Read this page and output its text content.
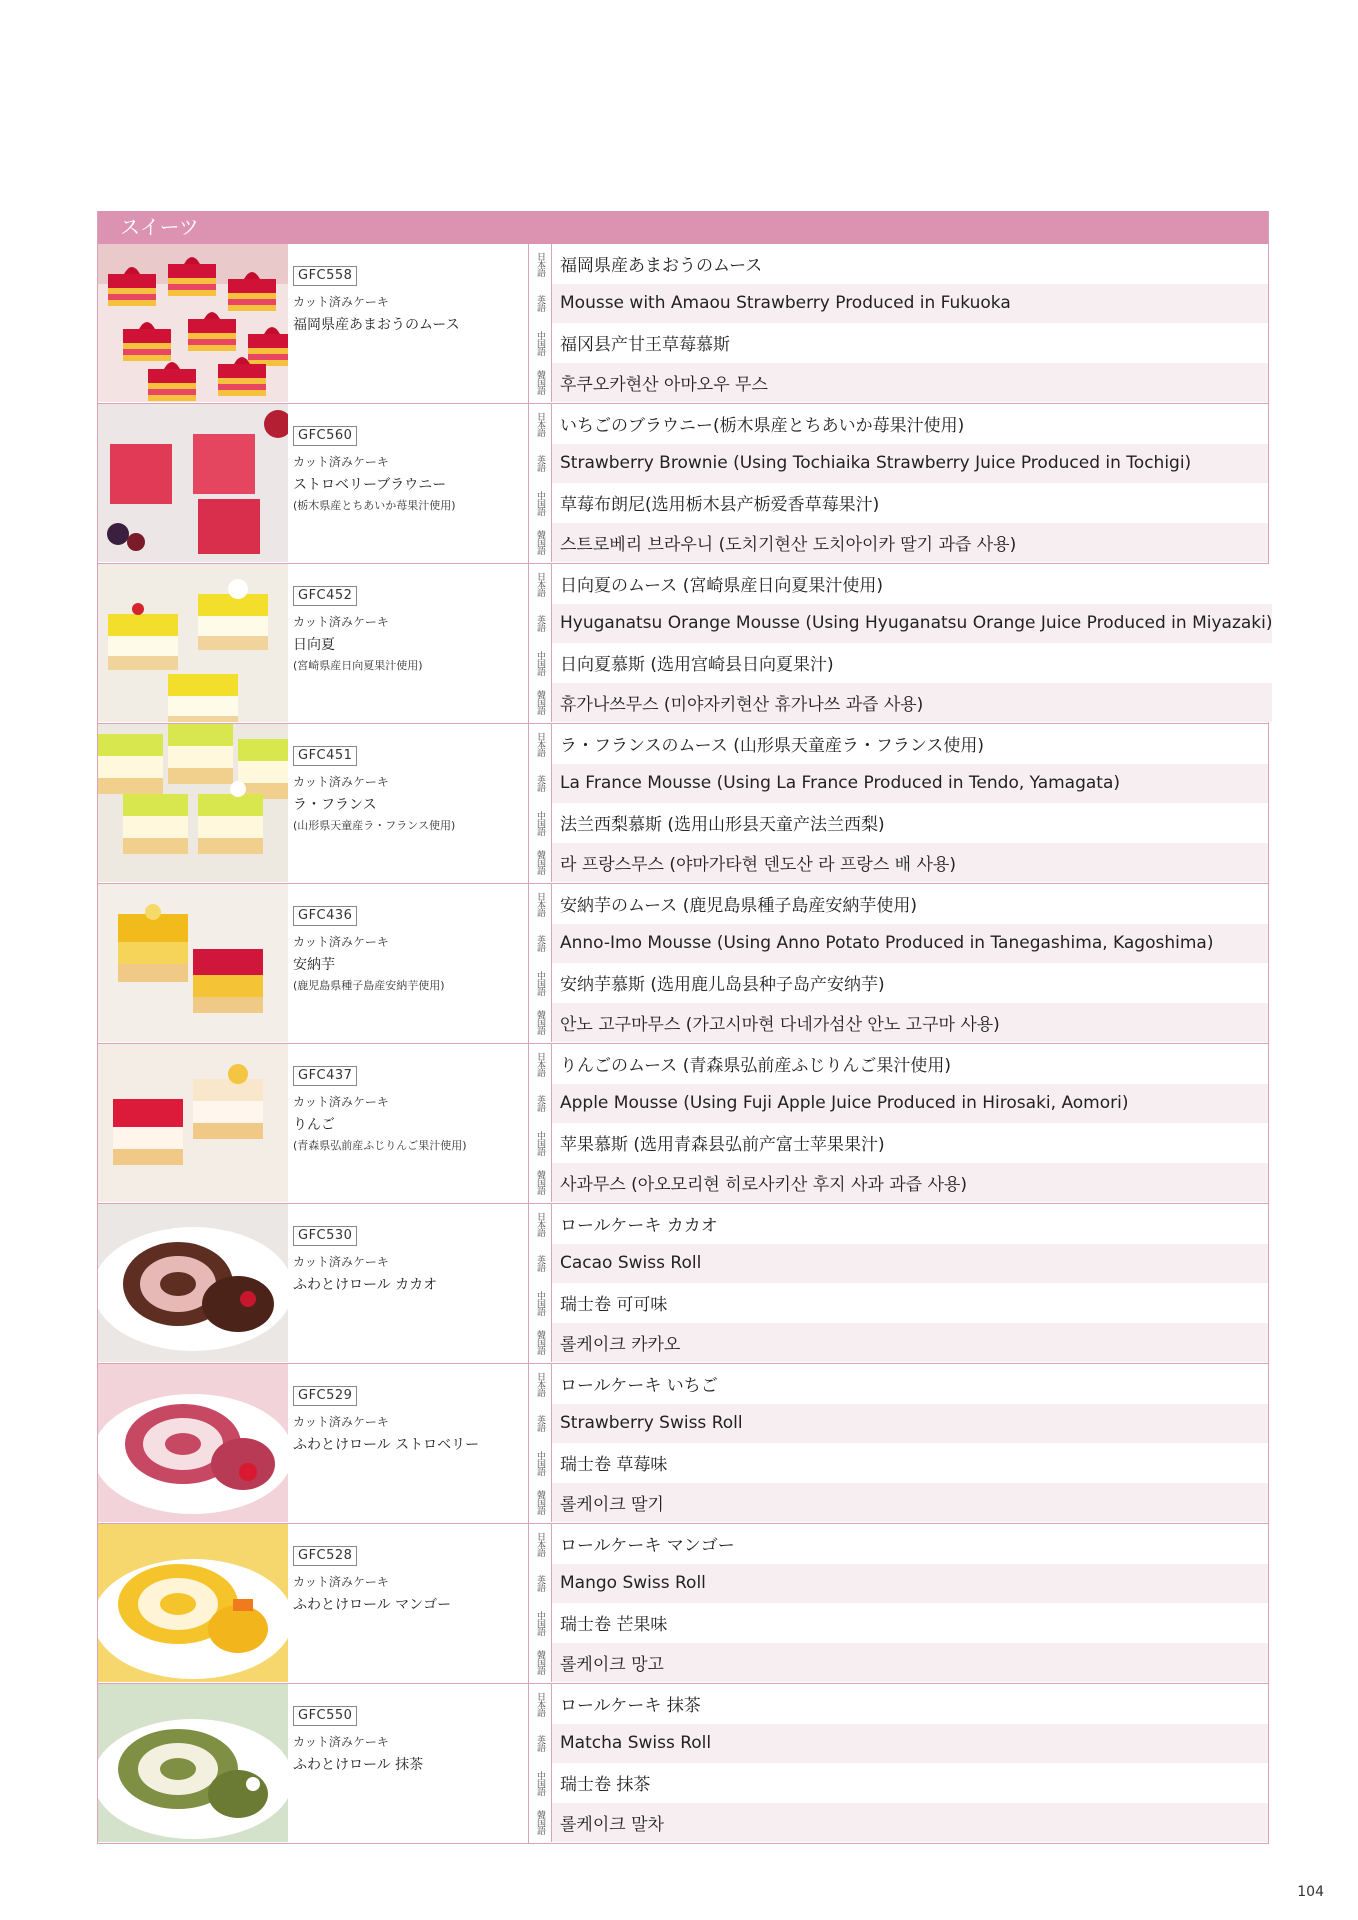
スイーツ
GFC558
カット済みケーキ
福岡県産あまおうのムース
日本語 福岡県産あまおうのムース
英語 Mousse with Amaou Strawberry Produced in Fukuoka
中国語 福冈县产甘王草莓慕斯
韓国語 후쿠오카현산 아마오우 무스
GFC560
カット済みケーキ
ストロベリーブラウニー
(栃木県産とちあいか苺果汁使用)
日本語 いちごのブラウニー(栃木県産とちあいか苺果汁使用)
英語 Strawberry Brownie (Using Tochiaika Strawberry Juice Produced in Tochigi)
中国語 草莓布朗尼(选用栃木县产栃爱香草莓果汁)
韓国語 스트로베리 브라우니 (도치기현산 도치아이카 딸기 과즙 사용)
GFC452
カット済みケーキ
日向夏
(宮崎県産日向夏果汁使用)
日本語 日向夏のムース (宮崎県産日向夏果汁使用)
英語 Hyuganatsu Orange Mousse (Using Hyuganatsu Orange Juice Produced in Miyazaki)
中国語 日向夏慕斯 (选用宫崎县日向夏果汁)
韓国語 휴가나쓰무스 (미야자키현산 휴가나쓰 과즙 사용)
GFC451
カット済みケーキ
ラ・フランス
(山形県天童産ラ・フランス使用)
日本語 ラ・フランスのムース (山形県天童産ラ・フランス使用)
英語 La France Mousse (Using La France Produced in Tendo, Yamagata)
中国語 法兰西梨慕斯 (选用山形县天童产法兰西梨)
韓国語 라 프랑스무스 (야마가타현 덴도산 라 프랑스 배 사용)
GFC436
カット済みケーキ
安納芋
(鹿児島県種子島産安納芋使用)
日本語 安納芋のムース (鹿児島県種子島産安納芋使用)
英語 Anno-Imo Mousse (Using Anno Potato Produced in Tanegashima, Kagoshima)
中国語 安纳芋慕斯 (选用鹿儿岛县种子岛产安纳芋)
韓国語 안노 고구마무스 (가고시마현 다네가섬산 안노 고구마 사용)
GFC437
カット済みケーキ
りんご
(青森県弘前産ふじりんご果汁使用)
日本語 りんごのムース (青森県弘前産ふじりんご果汁使用)
英語 Apple Mousse (Using Fuji Apple Juice Produced in Hirosaki, Aomori)
中国語 苹果慕斯 (选用青森县弘前产富士苹果果汁)
韓国語 사과무스 (아오모리현 히로사키산 후지 사과 과즙 사용)
GFC530
カット済みケーキ
ふわとけロール カカオ
日本語 ロールケーキ カカオ
英語 Cacao Swiss Roll
中国語 瑞士卷 可可味
韓国語 롤케이크 카카오
GFC529
カット済みケーキ
ふわとけロール ストロベリー
日本語 ロールケーキ いちご
英語 Strawberry Swiss Roll
中国語 瑞士卷 草莓味
韓国語 롤케이크 딸기
GFC528
カット済みケーキ
ふわとけロール マンゴー
日本語 ロールケーキ マンゴー
英語 Mango Swiss Roll
中国語 瑞士卷 芒果味
韓国語 롤케이크 망고
GFC550
カット済みケーキ
ふわとけロール 抹茶
日本語 ロールケーキ 抹茶
英語 Matcha Swiss Roll
中国語 瑞士卷 抹茶
韓国語 롤케이크 말차
104
